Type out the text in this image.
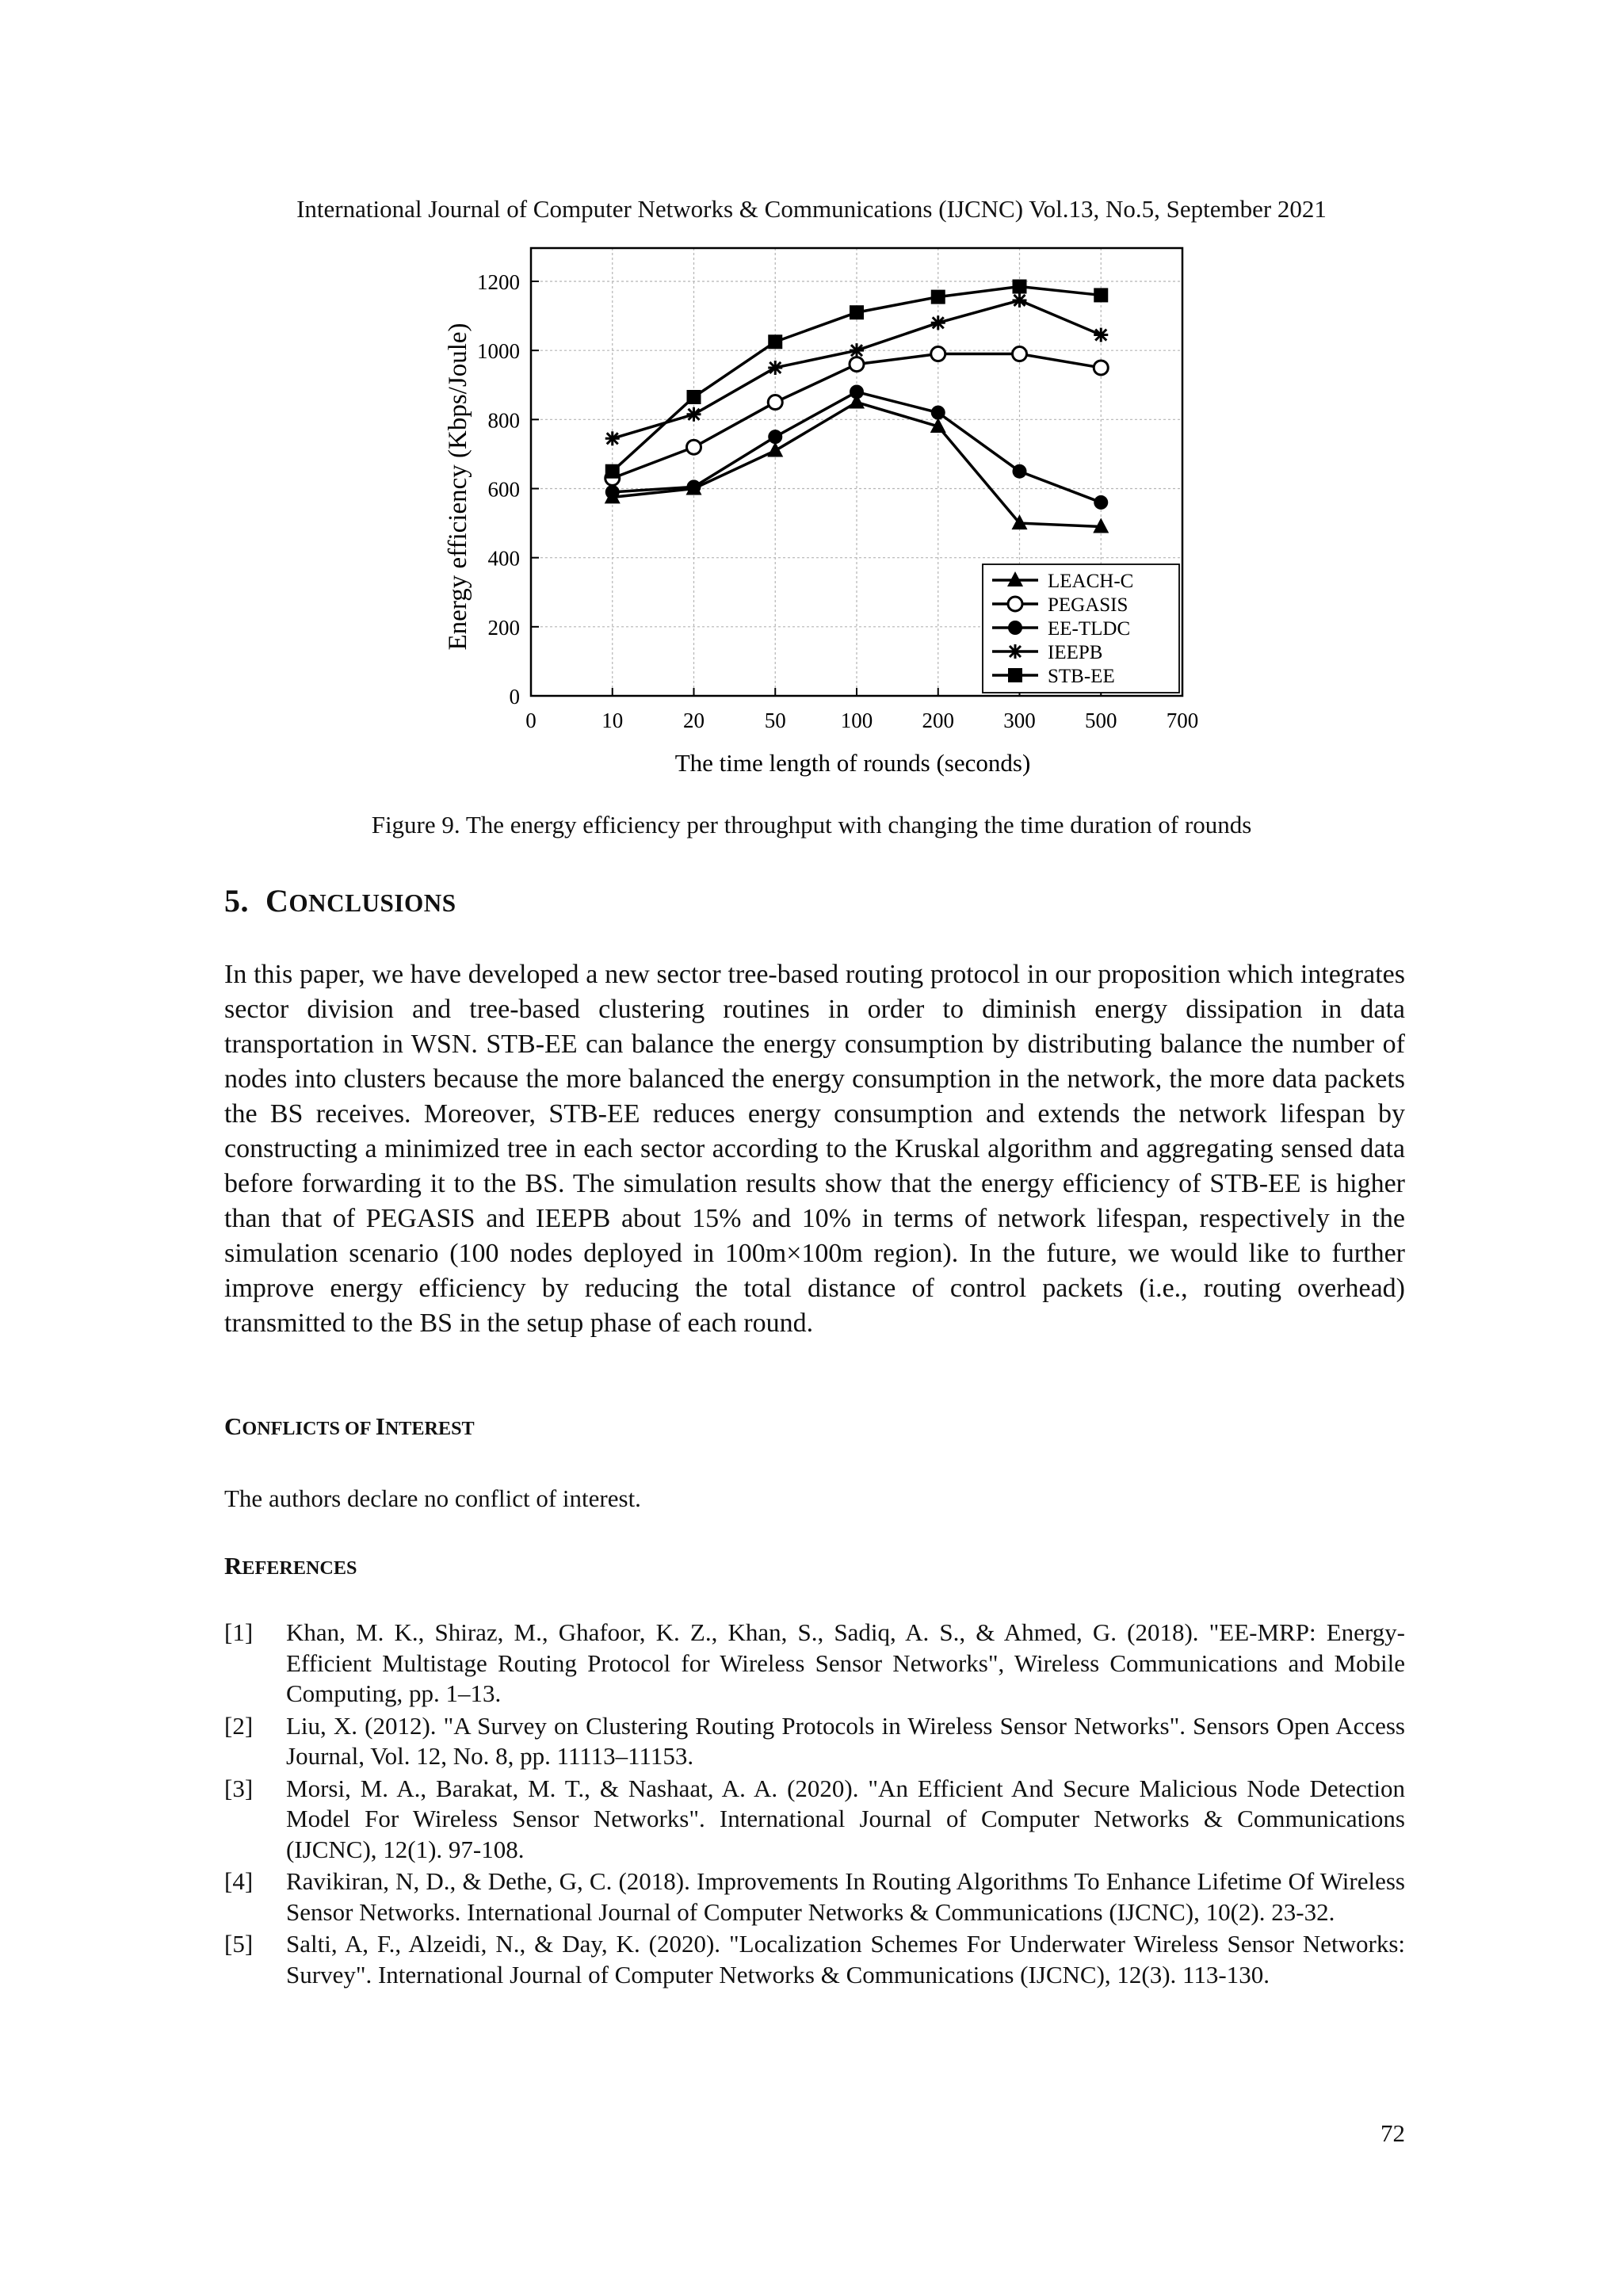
International Journal of Computer Networks & Communications (IJCNC) Vol.13, No.5, September 2021
0
200
400
600
800
1000
1200
0	10	20	50	100 200 300 500 700
Energy efficiency (Kbps/Joule)
The time length of rounds (seconds)
LEACH-C
PEGASIS
EE-TLDC
IEEPB
STB-EE
Figure 9. The energy efficiency per throughput with changing the time duration of rounds
5. CONCLUSIONS
In this paper, we have developed a new sector tree-based routing protocol in our proposition which integrates sector division and tree-based clustering routines in order to diminish energy dissipation in data transportation in WSN. STB-EE can balance the energy consumption by distributing balance the number of nodes into clusters because the more balanced the energy consumption in the network, the more data packets the BS receives. Moreover, STB-EE reduces energy consumption and extends the network lifespan by constructing a minimized tree in each sector according to the Kruskal algorithm and aggregating sensed data before forwarding it to the BS. The simulation results show that the energy efficiency of STB-EE is higher than that of PEGASIS and IEEPB about 15% and 10% in terms of network lifespan, respectively in the simulation scenario (100 nodes deployed in 100m×100m region). In the future, we would like to further improve energy efficiency by reducing the total distance of control packets (i.e., routing overhead) transmitted to the BS in the setup phase of each round.
CONFLICTS OF INTEREST
The authors declare no conflict of interest.
REFERENCES
[1] Khan, M. K., Shiraz, M., Ghafoor, K. Z., Khan, S., Sadiq, A. S., & Ahmed, G. (2018). "EE-MRP: Energy-Efficient Multistage Routing Protocol for Wireless Sensor Networks", Wireless Communications and Mobile Computing, pp. 1–13.
[2] Liu, X. (2012). "A Survey on Clustering Routing Protocols in Wireless Sensor Networks". Sensors Open Access Journal, Vol. 12, No. 8, pp. 11113–11153.
[3] Morsi, M. A., Barakat, M. T., & Nashaat, A. A. (2020). "An Efficient And Secure Malicious Node Detection Model For Wireless Sensor Networks". International Journal of Computer Networks & Communications (IJCNC), 12(1). 97-108.
[4] Ravikiran, N, D., & Dethe, G, C. (2018). Improvements In Routing Algorithms To Enhance Lifetime Of Wireless Sensor Networks. International Journal of Computer Networks & Communications (IJCNC), 10(2). 23-32.
[5] Salti, A, F., Alzeidi, N., & Day, K. (2020). "Localization Schemes For Underwater Wireless Sensor Networks: Survey". International Journal of Computer Networks & Communications (IJCNC), 12(3). 113-130.
72
